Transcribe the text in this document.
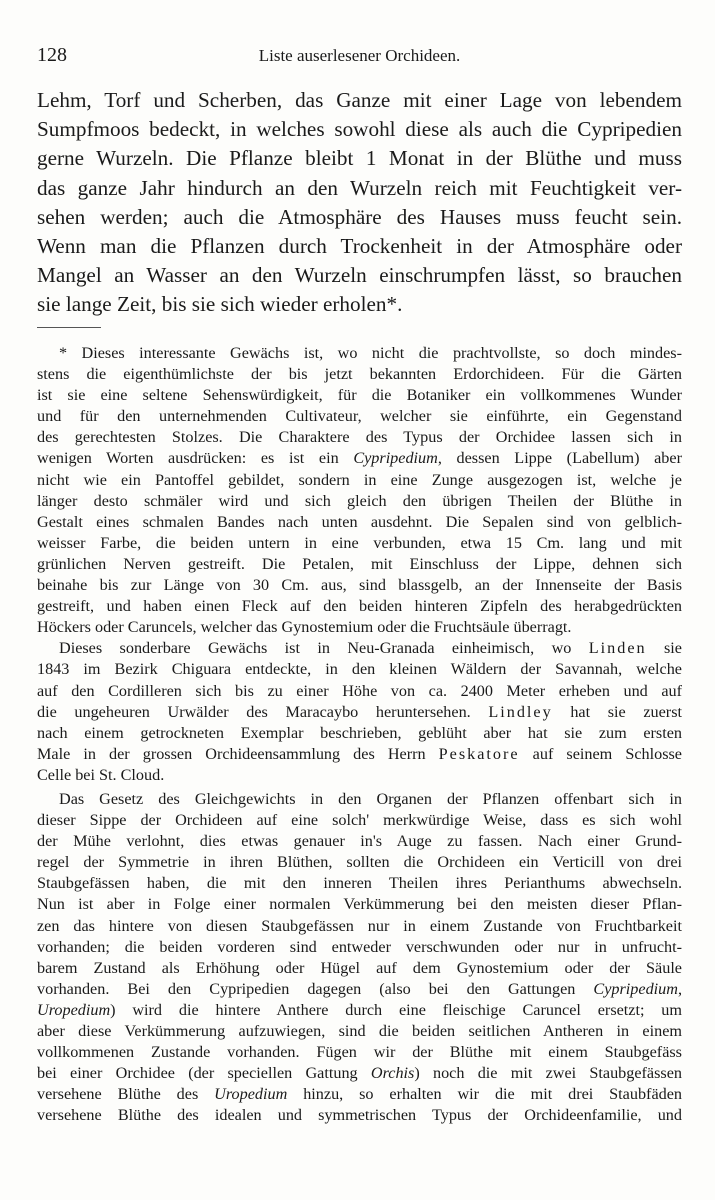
128	Liste auserlesener Orchideen.
Lehm, Torf und Scherben, das Ganze mit einer Lage von lebendem
Sumpfmoos bedeckt, in welches sowohl diese als auch die Cypripedien
gerne Wurzeln. Die Pflanze bleibt 1 Monat in der Blüthe und muss
das ganze Jahr hindurch an den Wurzeln reich mit Feuchtigkeit ver-
sehen werden; auch die Atmosphäre des Hauses muss feucht sein.
Wenn man die Pflanzen durch Trockenheit in der Atmosphäre oder
Mangel an Wasser an den Wurzeln einschrumpfen lässt, so brauchen
sie lange Zeit, bis sie sich wieder erholen*.
* Dieses interessante Gewächs ist, wo nicht die prachtvollste, so doch mindes-
stens die eigenthümlichste der bis jetzt bekannten Erdorchideen. Für die Gärten
ist sie eine seltene Sehenswürdigkeit, für die Botaniker ein vollkommenes Wunder
und für den unternehmenden Cultivateur, welcher sie einführte, ein Gegenstand
des gerechtesten Stolzes. Die Charaktere des Typus der Orchidee lassen sich in
wenigen Worten ausdrücken: es ist ein Cypripedium, dessen Lippe (Labellum) aber
nicht wie ein Pantoffel gebildet, sondern in eine Zunge ausgezogen ist, welche je
länger desto schmäler wird und sich gleich den übrigen Theilen der Blüthe in
Gestalt eines schmalen Bandes nach unten ausdehnt. Die Sepalen sind von gelblich-
weisser Farbe, die beiden untern in eine verbunden, etwa 15 Cm. lang und mit
grünlichen Nerven gestreift. Die Petalen, mit Einschluss der Lippe, dehnen sich
beinahe bis zur Länge von 30 Cm. aus, sind blassgelb, an der Innenseite der Basis
gestreift, und haben einen Fleck auf den beiden hinteren Zipfeln des herabgedrückten
Höckers oder Caruncels, welcher das Gynostemium oder die Fruchtsäule überragt.
Dieses sonderbare Gewächs ist in Neu-Granada einheimisch, wo Linden sie
1843 im Bezirk Chiguara entdeckte, in den kleinen Wäldern der Savannah, welche
auf den Cordilleren sich bis zu einer Höhe von ca. 2400 Meter erheben und auf
die ungeheuren Urwälder des Maracaybo heruntersehen. Lindley hat sie zuerst
nach einem getrockneten Exemplar beschrieben, geblüht aber hat sie zum ersten
Male in der grossen Orchideensammlung des Herrn Peskatore auf seinem Schlosse
Celle bei St. Cloud.
Das Gesetz des Gleichgewichts in den Organen der Pflanzen offenbart sich in
dieser Sippe der Orchideen auf eine solch' merkwürdige Weise, dass es sich wohl
der Mühe verlohnt, dies etwas genauer in's Auge zu fassen. Nach einer Grund-
regel der Symmetrie in ihren Blüthen, sollten die Orchideen ein Verticill von drei
Staubgefässen haben, die mit den inneren Theilen ihres Perianthums abwechseln.
Nun ist aber in Folge einer normalen Verkümmerung bei den meisten dieser Pflan-
zen das hintere von diesen Staubgefässen nur in einem Zustande von Fruchtbarkeit
vorhanden; die beiden vorderen sind entweder verschwunden oder nur in unfrucht-
barem Zustand als Erhöhung oder Hügel auf dem Gynostemium oder der Säule
vorhanden. Bei den Cypripedien dagegen (also bei den Gattungen Cypripedium,
Uropedium) wird die hintere Anthere durch eine fleischige Caruncel ersetzt; um
aber diese Verkümmerung aufzuwiegen, sind die beiden seitlichen Antheren in einem
vollkommenen Zustande vorhanden. Fügen wir der Blüthe mit einem Staubgefäss
bei einer Orchidee (der speciellen Gattung Orchis) noch die mit zwei Staubgefässen
versehene Blüthe des Uropedium hinzu, so erhalten wir die mit drei Staubfäden
versehene Blüthe des idealen und symmetrischen Typus der Orchideenfamilie, und
